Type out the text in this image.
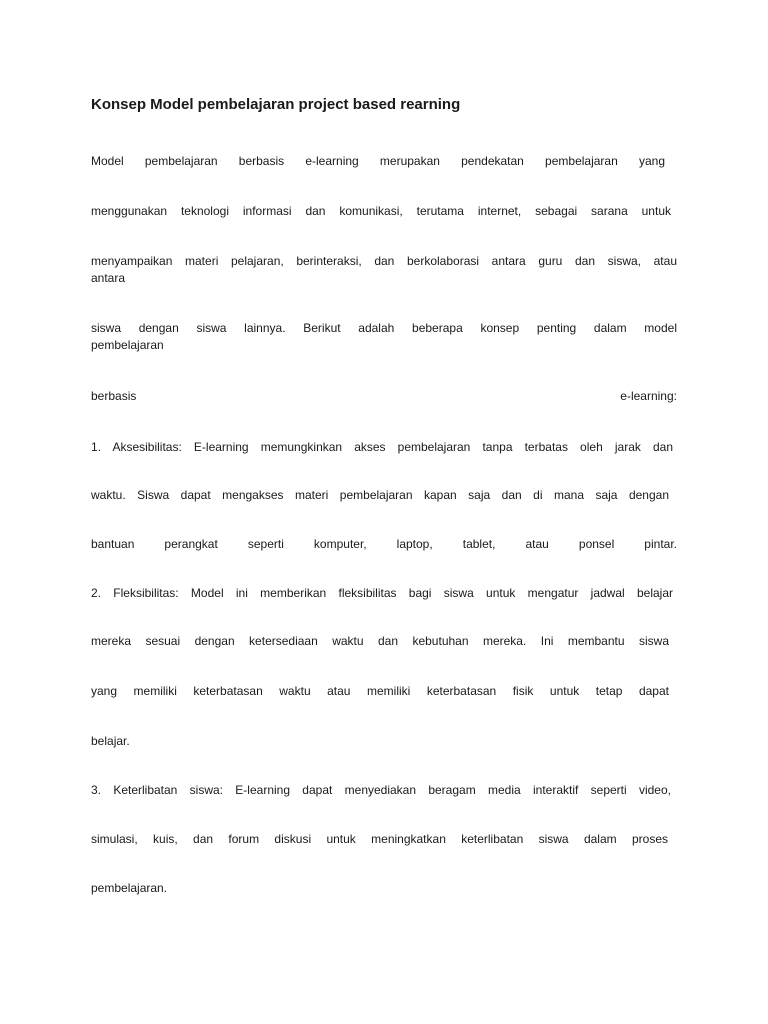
Konsep Model pembelajaran project based rearning
Model pembelajaran berbasis e-learning merupakan pendekatan pembelajaran yang
menggunakan teknologi informasi dan komunikasi, terutama internet, sebagai sarana untuk
menyampaikan materi pelajaran, berinteraksi, dan berkolaborasi antara guru dan siswa, atau
antara
siswa dengan siswa lainnya. Berikut adalah beberapa konsep penting dalam model
pembelajaran
berbasis e-learning:
1. Aksesibilitas: E-learning memungkinkan akses pembelajaran tanpa terbatas oleh jarak dan
waktu. Siswa dapat mengakses materi pembelajaran kapan saja dan di mana saja dengan
bantuan perangkat seperti komputer, laptop, tablet, atau ponsel pintar.
2. Fleksibilitas: Model ini memberikan fleksibilitas bagi siswa untuk mengatur jadwal belajar
mereka sesuai dengan ketersediaan waktu dan kebutuhan mereka. Ini membantu siswa
yang memiliki keterbatasan waktu atau memiliki keterbatasan fisik untuk tetap dapat
belajar.
3. Keterlibatan siswa: E-learning dapat menyediakan beragam media interaktif seperti video,
simulasi, kuis, dan forum diskusi untuk meningkatkan keterlibatan siswa dalam proses
pembelajaran.
